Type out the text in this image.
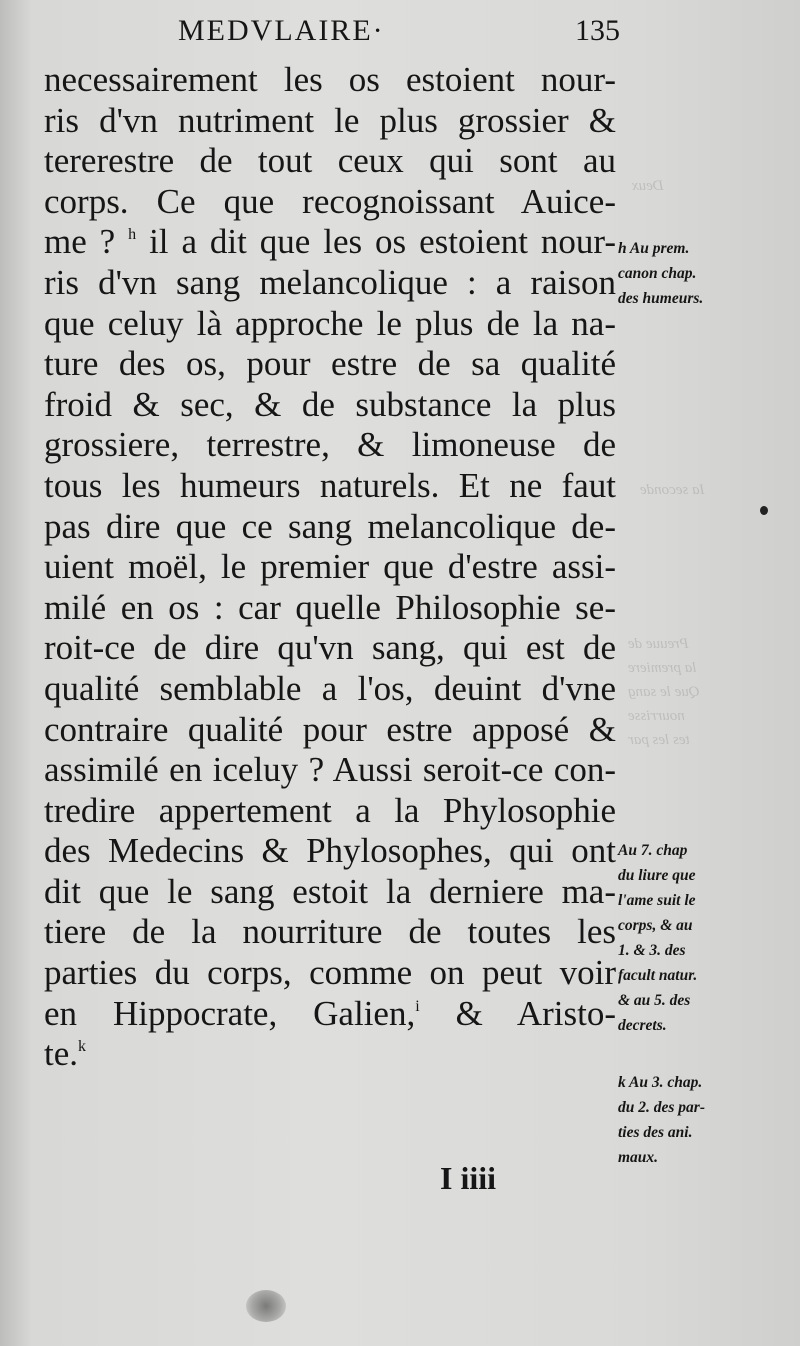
MEDVLAIRE·	135
necessairement les os estoient nour-
ris d'vn nutriment le plus grossier &
tererestre de tout ceux qui sont au
corps. Ce que recognoissant Auice-
me ? $^h$ il a dit que les os estoient nour-
ris d'vn sang melancolique : a raison
que celuy là approche le plus de la na-
ture des os, pour estre de sa qualité
froid & sec, & de substance la plus
grossiere, terrestre, & limoneuse de
tous les humeurs naturels. Et ne faut
pas dire que ce sang melancolique de-
uient moël, le premier que d'estre assi-
milé en os : car quelle Philosophie se-
roit-ce de dire qu'vn sang, qui est de
qualité semblable a l'os, deuint d'vne
contraire qualité pour estre apposé &
assimilé en iceluy ? Aussi seroit-ce con-
tredire appertement a la Phylosophie
des Medecins & Phylosophes, qui ont
dit que le sang estoit la derniere ma-
tiere de la nourriture de toutes les
parties du corps, comme on peut voir
en Hippocrate, Galien,$^i$ & Aristo-
te.$^k$
h Au prem.
canon chap.
des humeurs.
Au 7. chap
du liure que
l'ame suit le
corps, & au
1. & 3. des
facult natur.
& au 5. des
decrets.
k Au 3. chap.
du 2. des par-
ties des ani.
maux.
I iiii
Deux
Ia seconde
Preuue de
la premiere
Que le sang
nourrisse
tes les par
